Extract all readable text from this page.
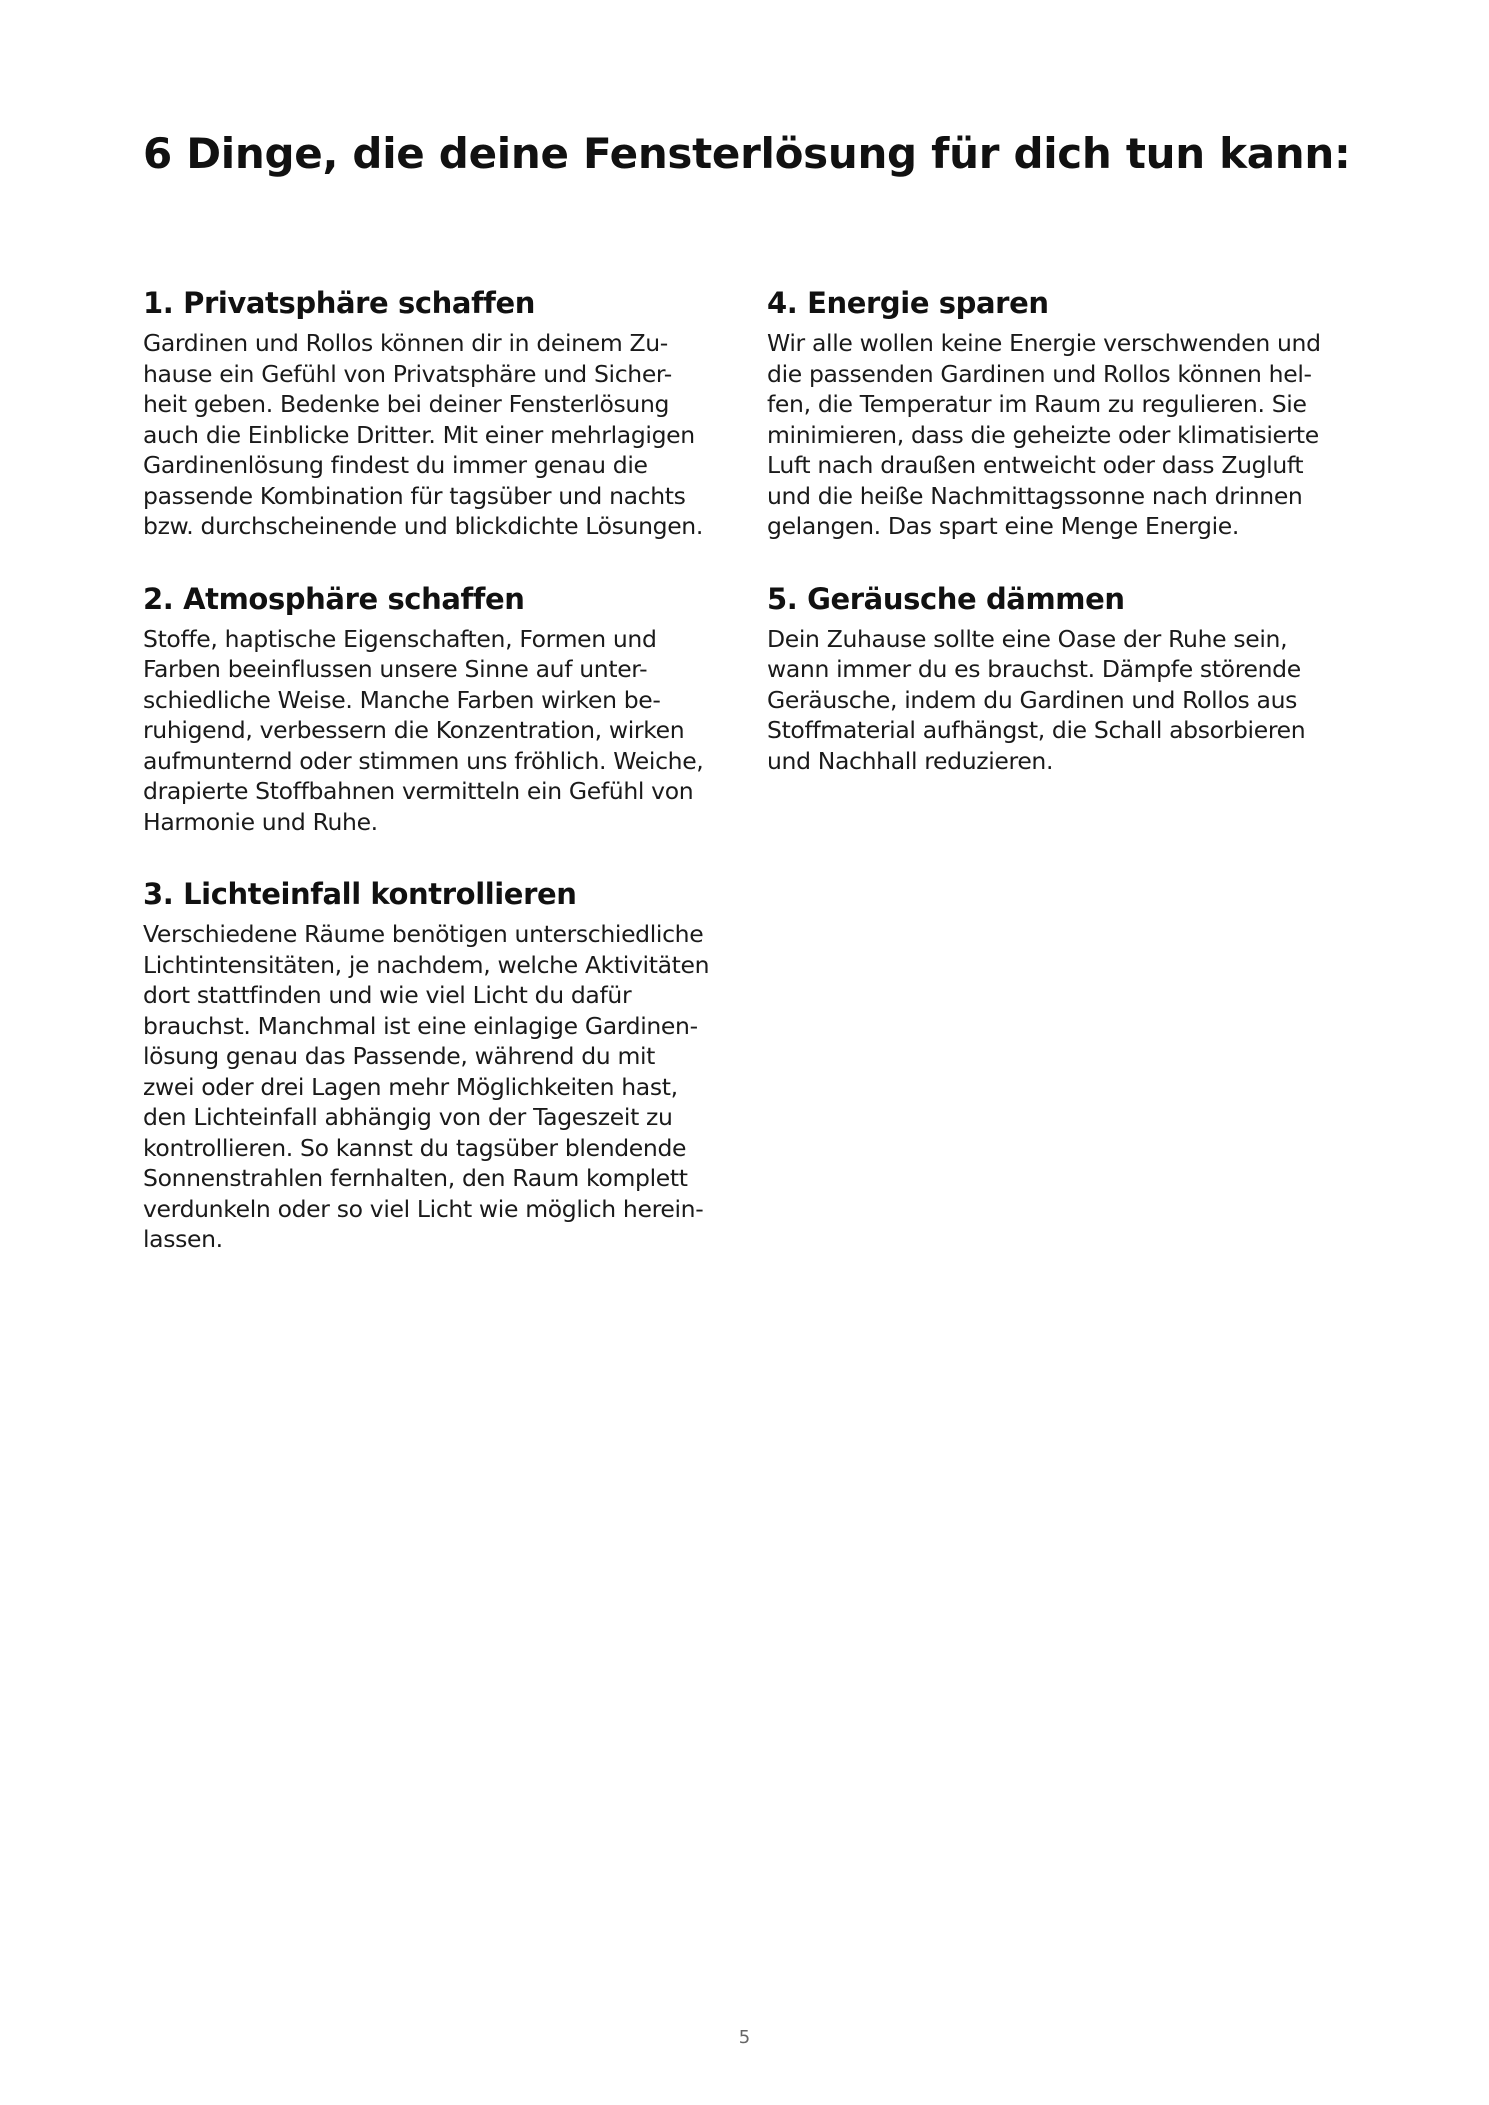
6 Dinge, die deine Fensterlösung für dich tun kann:
1. Privatsphäre schaffen

Gardinen und Rollos können dir in deinem Zu-
hause ein Gefühl von Privatsphäre und Sicher-
heit geben. Bedenke bei deiner Fensterlösung
auch die Einblicke Dritter. Mit einer mehrlagigen
Gardinenlösung findest du immer genau die
passende Kombination für tagsüber und nachts
bzw. durchscheinende und blickdichte Lösungen.

2. Atmosphäre schaffen

Stoffe, haptische Eigenschaften, Formen und
Farben beeinflussen unsere Sinne auf unter-
schiedliche Weise. Manche Farben wirken be-
ruhigend, verbessern die Konzentration, wirken
aufmunternd oder stimmen uns fröhlich. Weiche,
drapierte Stoffbahnen vermitteln ein Gefühl von
Harmonie und Ruhe.

3. Lichteinfall kontrollieren

Verschiedene Räume benötigen unterschiedliche
Lichtintensitäten, je nachdem, welche Aktivitäten
dort stattfinden und wie viel Licht du dafür
brauchst. Manchmal ist eine einlagige Gardinen-
lösung genau das Passende, während du mit
zwei oder drei Lagen mehr Möglichkeiten hast,
den Lichteinfall abhängig von der Tageszeit zu
kontrollieren. So kannst du tagsüber blendende
Sonnenstrahlen fernhalten, den Raum komplett
verdunkeln oder so viel Licht wie möglich herein-
lassen.

4. Energie sparen

Wir alle wollen keine Energie verschwenden und
die passenden Gardinen und Rollos können hel-
fen, die Temperatur im Raum zu regulieren. Sie
minimieren, dass die geheizte oder klimatisierte
Luft nach draußen entweicht oder dass Zugluft
und die heiße Nachmittagssonne nach drinnen
gelangen. Das spart eine Menge Energie.

5. Geräusche dämmen

Dein Zuhause sollte eine Oase der Ruhe sein,
wann immer du es brauchst. Dämpfe störende
Geräusche, indem du Gardinen und Rollos aus
Stoffmaterial aufhängst, die Schall absorbieren
und Nachhall reduzieren.

5
